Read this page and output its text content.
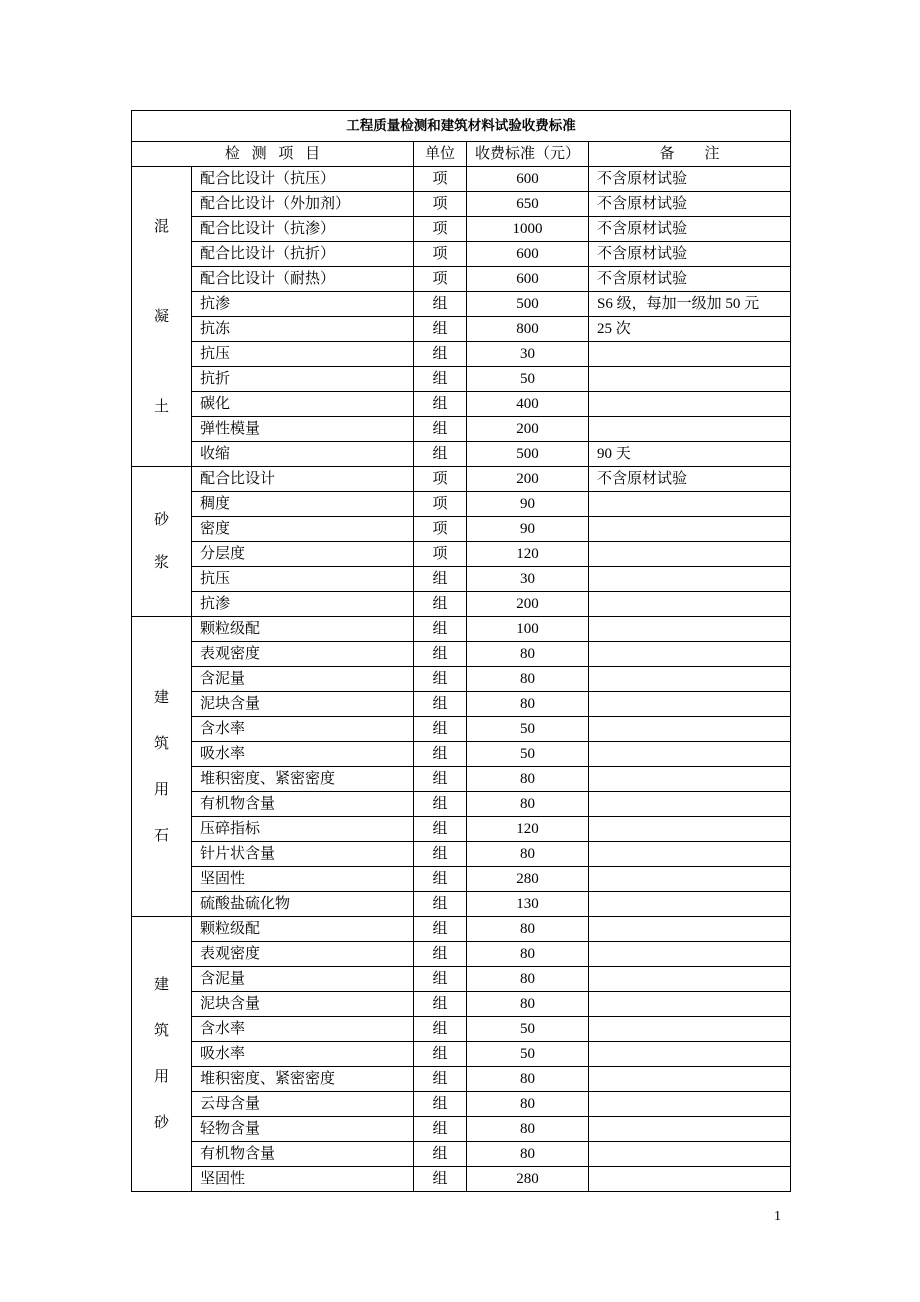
工程质量检测和建筑材料试验收费标准				
检 测 项 目		单位	收费标准（元）	备　　注

混
凝
土	配合比设计（抗压）	项	600	不含原材试验
	配合比设计（外加剂）	项	650	不含原材试验
	配合比设计（抗渗）	项	1000	不含原材试验
	配合比设计（抗折）	项	600	不含原材试验
	配合比设计（耐热）	项	600	不含原材试验
	抗渗	组	500	S6 级，每加一级加 50 元
	抗冻	组	800	25 次
	抗压	组	30	
	抗折	组	50	
	碳化	组	400	
	弹性模量	组	200	
	收缩	组	500	90 天

砂
浆	配合比设计	项	200	不含原材试验
	稠度	项	90	
	密度	项	90	
	分层度	项	120	
	抗压	组	30	
	抗渗	组	200	

建
筑
用
石	颗粒级配	组	100	
	表观密度	组	80	
	含泥量	组	80	
	泥块含量	组	80	
	含水率	组	50	
	吸水率	组	50	
	堆积密度、紧密密度	组	80	
	有机物含量	组	80	
	压碎指标	组	120	
	针片状含量	组	80	
	坚固性	组	280	
	硫酸盐硫化物	组	130	

建
筑
用
砂	颗粒级配	组	80	
	表观密度	组	80	
	含泥量	组	80	
	泥块含量	组	80	
	含水率	组	50	
	吸水率	组	50	
	堆积密度、紧密密度	组	80	
	云母含量	组	80	
	轻物含量	组	80	
	有机物含量	组	80	
	坚固性	组	280	
1
